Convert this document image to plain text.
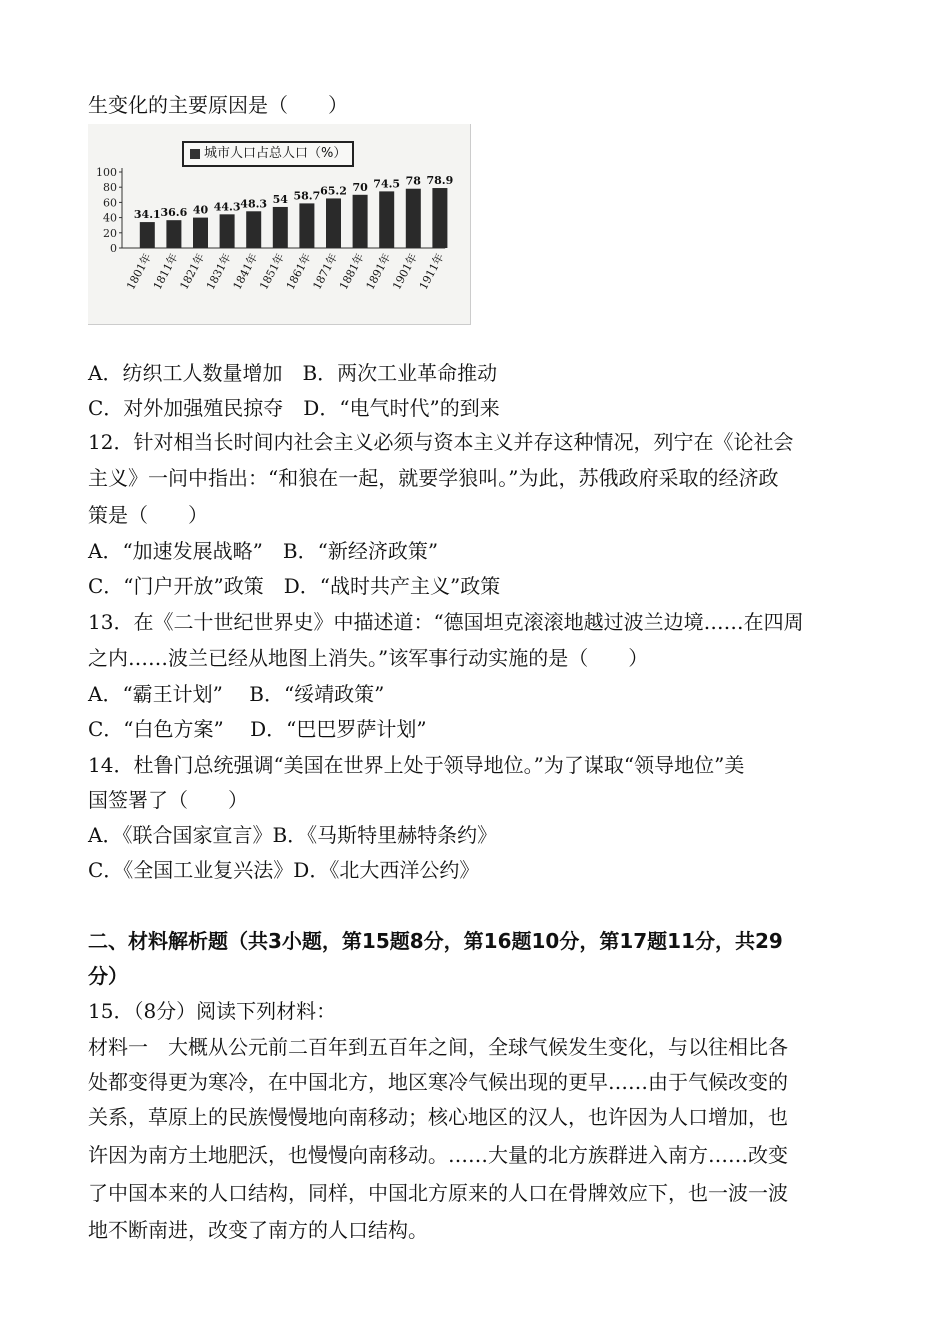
生变化的主要原因是（　　）
A．纺织工人数量增加　B．两次工业革命推动
C．对外加强殖民掠夺　D．“电气时代”的到来
12．针对相当长时间内社会主义必须与资本主义并存这种情况，列宁在《论社会
主义》一问中指出：“和狼在一起，就要学狼叫。”为此，苏俄政府采取的经济政
策是（　　）
A．“加速发展战略”　B．“新经济政策”
C．“门户开放”政策　D．“战时共产主义”政策
13．在《二十世纪世界史》中描述道：“德国坦克滚滚地越过波兰边境……在四周
之内……波兰已经从地图上消失。”该军事行动实施的是（　　）
A．“霸王计划”　 B．“绥靖政策”
C．“白色方案”　 D．“巴巴罗萨计划”
14．杜鲁门总统强调“美国在世界上处于领导地位。”为了谋取“领导地位”美
国签署了（　　）
A．《联合国家宣言》B．《马斯特里赫特条约》
C．《全国工业复兴法》D．《北大西洋公约》
二、材料解析题（共3小题，第15题8分，第16题10分，第17题11分，共29
分）
15．（8分）阅读下列材料：
材料一　大概从公元前二百年到五百年之间，全球气候发生变化，与以往相比各
处都变得更为寒冷，在中国北方，地区寒冷气候出现的更早……由于气候改变的
关系，草原上的民族慢慢地向南移动；核心地区的汉人，也许因为人口增加，也
许因为南方土地肥沃，也慢慢向南移动。……大量的北方族群进入南方……改变
了中国本来的人口结构，同样，中国北方原来的人口在骨牌效应下，也一波一波
地不断南进，改变了南方的人口结构。
100
80
60
40
20
0
34.1
1801年
36.6
1811年
40
1821年
44.3
1831年
48.3
1841年
54
1851年
58.7
1861年
65.2
1871年
70
1881年
74.5
1891年
78
1901年
78.9
1911年
城市人口占总人口（%）
